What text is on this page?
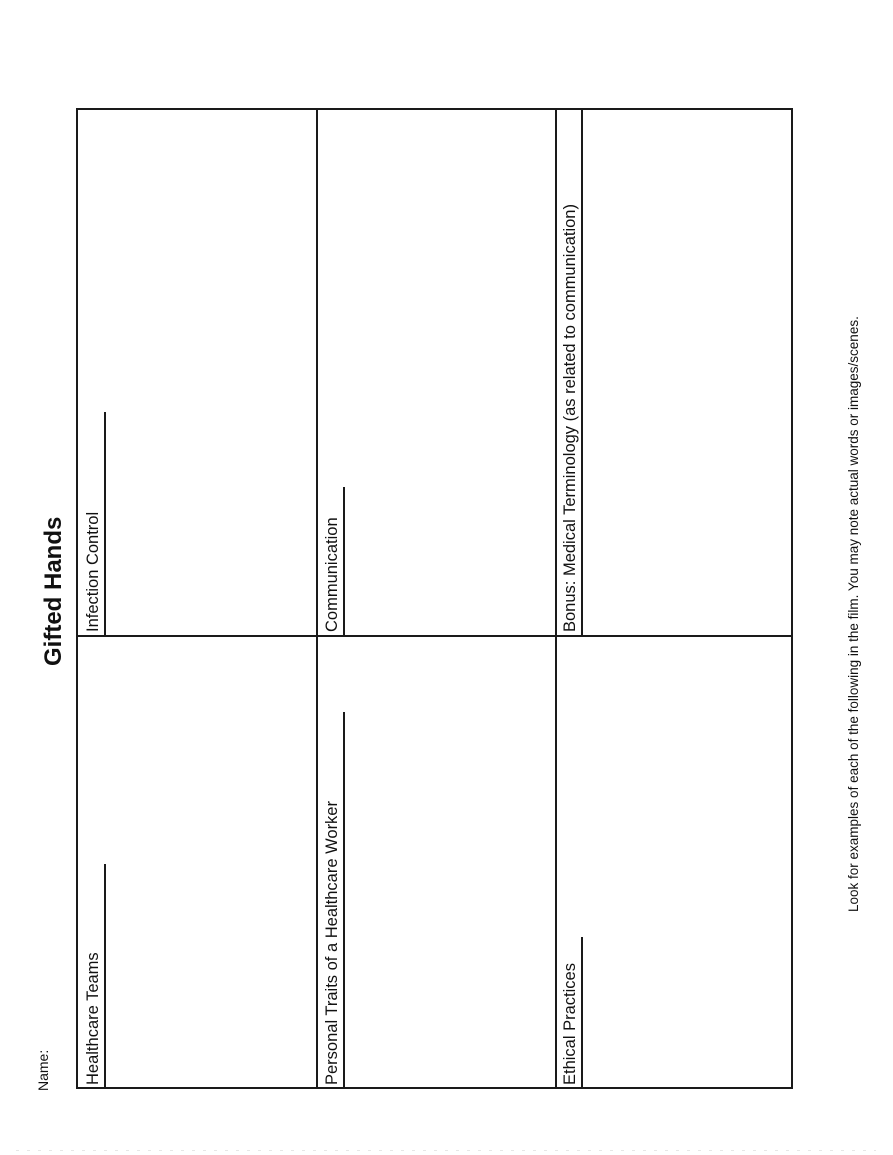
Name:
Gifted Hands
Healthcare Teams
Infection Control
Personal Traits of a Healthcare Worker
Communication
Ethical Practices
Bonus: Medical Terminology (as related to communication)	Look for examples of each of the following in the film. You may note actual words or images/scenes.
